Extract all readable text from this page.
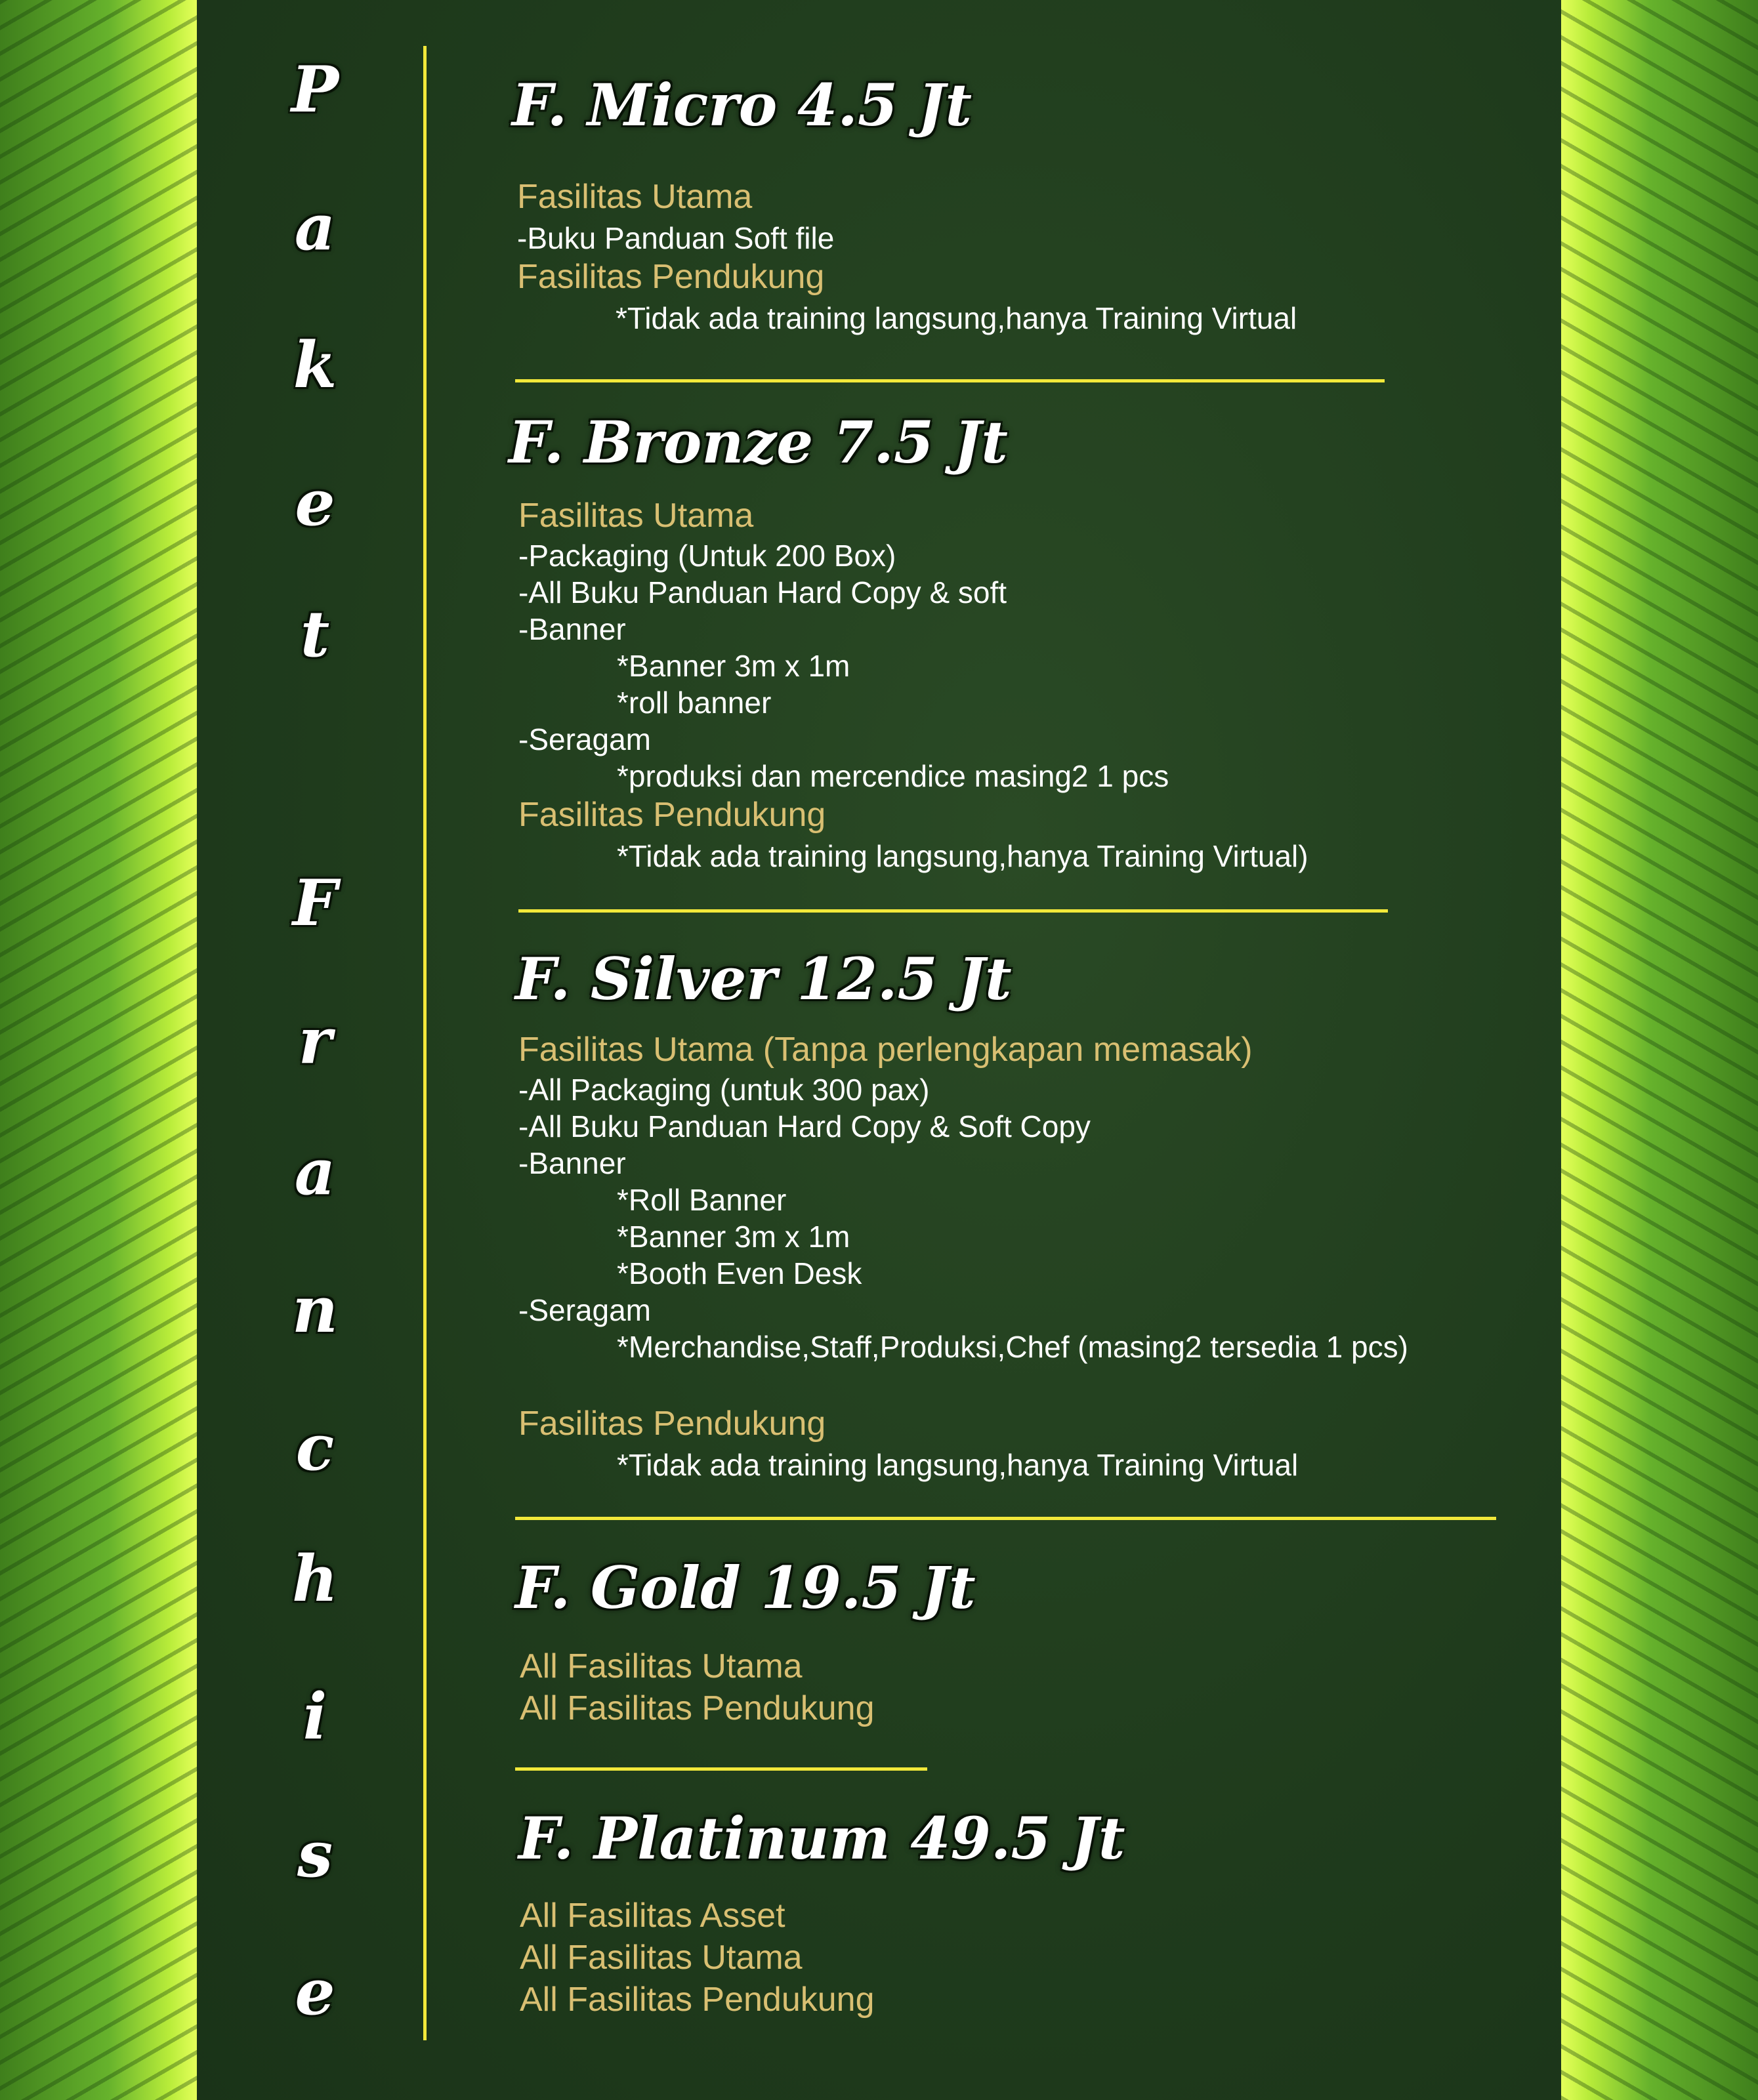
P
a
k
e
t
F
r
a
n
c
h
i
s
e
F. Micro 4.5 Jt

Fasilitas Utama

-Buku Panduan Soft file

Fasilitas Pendukung

*Tidak ada training langsung,hanya Training Virtual

F. Bronze 7.5 Jt

Fasilitas Utama

-Packaging (Untuk 200 Box)

-All Buku Panduan Hard Copy & soft

-Banner

*Banner 3m x 1m

*roll banner

-Seragam

*produksi dan mercendice masing2 1 pcs

Fasilitas Pendukung

*Tidak ada training langsung,hanya Training Virtual)

F. Silver 12.5 Jt

Fasilitas Utama (Tanpa perlengkapan memasak)

-All Packaging (untuk 300 pax)

-All Buku Panduan Hard Copy & Soft Copy

-Banner

*Roll Banner

*Banner 3m x 1m

*Booth Even Desk

-Seragam

*Merchandise,Staff,Produksi,Chef (masing2 tersedia 1 pcs)

Fasilitas Pendukung

*Tidak ada training langsung,hanya Training Virtual

F. Gold 19.5 Jt

All Fasilitas Utama

All Fasilitas Pendukung

F. Platinum 49.5 Jt

All Fasilitas Asset

All Fasilitas Utama

All Fasilitas Pendukung
